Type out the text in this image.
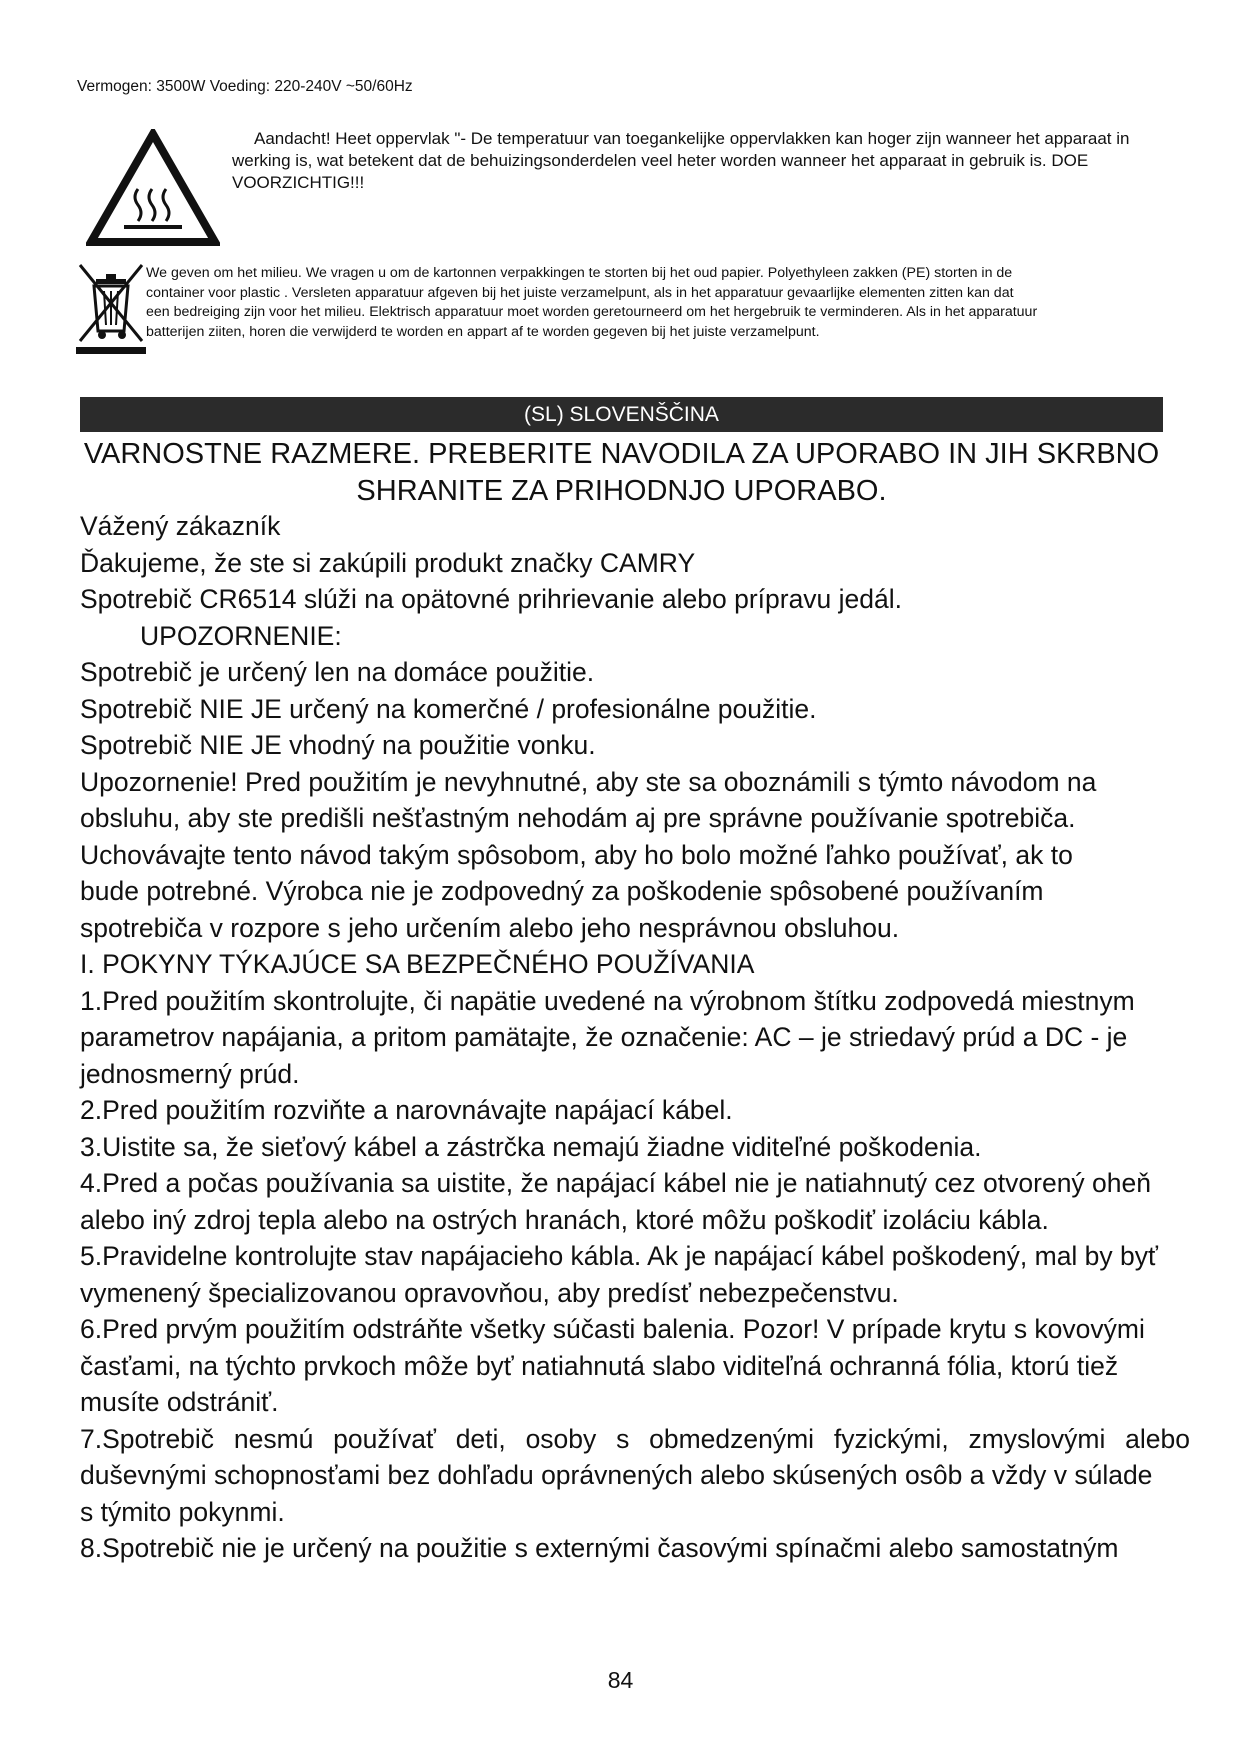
Vermogen: 3500W Voeding: 220-240V ~50/60Hz
Aandacht! Heet oppervlak "- De temperatuur van toegankelijke oppervlakken kan hoger zijn wanneer het apparaat in
werking is, wat betekent dat de behuizingsonderdelen veel heter worden wanneer het apparaat in gebruik is. DOE
VOORZICHTIG!!!
We geven om het milieu. We vragen u om de kartonnen verpakkingen te storten bij het oud papier. Polyethyleen zakken (PE) storten in de
container voor plastic . Versleten apparatuur afgeven bij het juiste verzamelpunt, als in het apparatuur gevaarlijke elementen zitten kan dat
een bedreiging zijn voor het milieu. Elektrisch apparatuur moet worden geretourneerd om het hergebruik te verminderen. Als in het apparatuur
batterijen ziiten, horen die verwijderd te worden en appart af te worden gegeven bij het juiste verzamelpunt.
(SL) SLOVENŠČINA
VARNOSTNE RAZMERE. PREBERITE NAVODILA ZA UPORABO IN JIH SKRBNO
SHRANITE ZA PRIHODNJO UPORABO.

Vážený zákazník

Ďakujeme, že ste si zakúpili produkt značky CAMRY

Spotrebič CR6514 slúži na opätovné prihrievanie alebo prípravu jedál.

UPOZORNENIE:

Spotrebič je určený len na domáce použitie.

Spotrebič NIE JE určený na komerčné / profesionálne použitie.

Spotrebič NIE JE vhodný na použitie vonku.

Upozornenie! Pred použitím je nevyhnutné, aby ste sa oboznámili s týmto návodom na

obsluhu, aby ste predišli nešťastným nehodám aj pre správne používanie spotrebiča.

Uchovávajte tento návod takým spôsobom, aby ho bolo možné ľahko používať, ak to

bude potrebné. Výrobca nie je zodpovedný za poškodenie spôsobené používaním

spotrebiča v rozpore s jeho určením alebo jeho nesprávnou obsluhou.

I. POKYNY TÝKAJÚCE SA BEZPEČNÉHO POUŽÍVANIA

1.Pred použitím skontrolujte, či napätie uvedené na výrobnom štítku zodpovedá miestnym

parametrov napájania, a pritom pamätajte, že označenie: AC – je striedavý prúd a DC - je

jednosmerný prúd.

2.Pred použitím rozviňte a narovnávajte napájací kábel.

3.Uistite sa, že sieťový kábel a zástrčka nemajú žiadne viditeľné poškodenia.

4.Pred a počas používania sa uistite, že napájací kábel nie je natiahnutý cez otvorený oheň

alebo iný zdroj tepla alebo na ostrých hranách, ktoré môžu poškodiť izoláciu kábla.

5.Pravidelne kontrolujte stav napájacieho kábla. Ak je napájací kábel poškodený, mal by byť

vymenený špecializovanou opravovňou, aby predísť nebezpečenstvu.

6.Pred prvým použitím odstráňte všetky súčasti balenia. Pozor! V prípade krytu s kovovými

časťami, na týchto prvkoch môže byť natiahnutá slabo viditeľná ochranná fólia, ktorú tiež

musíte odstrániť.

7.Spotrebič nesmú používať deti, osoby s obmedzenými fyzickými, zmyslovými alebo

duševnými schopnosťami bez dohľadu oprávnených alebo skúsených osôb a vždy v súlade

s týmito pokynmi.

8.Spotrebič nie je určený na použitie s externými časovými spínačmi alebo samostatným

84
